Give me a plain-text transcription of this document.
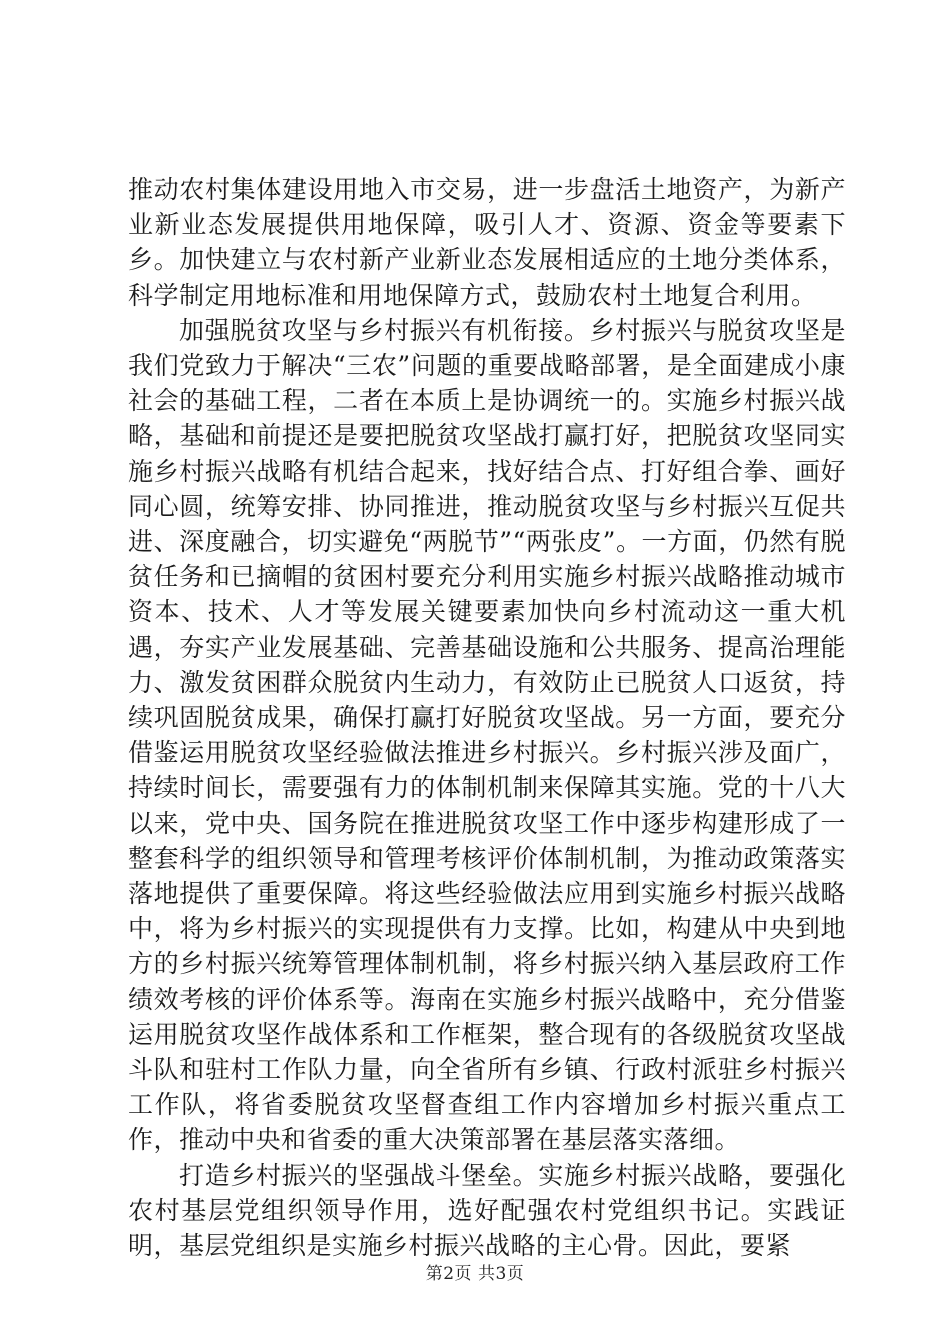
推动农村集体建设用地入市交易，进一步盘活土地资产，为新产业新业态发展提供用地保障，吸引人才、资源、资金等要素下乡。加快建立与农村新产业新业态发展相适应的土地分类体系，科学制定用地标准和用地保障方式，鼓励农村土地复合利用。

加强脱贫攻坚与乡村振兴有机衔接。乡村振兴与脱贫攻坚是我们党致力于解决“三农”问题的重要战略部署，是全面建成小康社会的基础工程，二者在本质上是协调统一的。实施乡村振兴战略，基础和前提还是要把脱贫攻坚战打赢打好，把脱贫攻坚同实施乡村振兴战略有机结合起来，找好结合点、打好组合拳、画好同心圆，统筹安排、协同推进，推动脱贫攻坚与乡村振兴互促共进、深度融合，切实避免“两脱节”“两张皮”。一方面，仍然有脱贫任务和已摘帽的贫困村要充分利用实施乡村振兴战略推动城市资本、技术、人才等发展关键要素加快向乡村流动这一重大机遇，夯实产业发展基础、完善基础设施和公共服务、提高治理能力、激发贫困群众脱贫内生动力，有效防止已脱贫人口返贫，持续巩固脱贫成果，确保打赢打好脱贫攻坚战。另一方面，要充分借鉴运用脱贫攻坚经验做法推进乡村振兴。乡村振兴涉及面广，持续时间长，需要强有力的体制机制来保障其实施。党的十八大以来，党中央、国务院在推进脱贫攻坚工作中逐步构建形成了一整套科学的组织领导和管理考核评价体制机制，为推动政策落实落地提供了重要保障。将这些经验做法应用到实施乡村振兴战略中，将为乡村振兴的实现提供有力支撑。比如，构建从中央到地方的乡村振兴统筹管理体制机制，将乡村振兴纳入基层政府工作绩效考核的评价体系等。海南在实施乡村振兴战略中，充分借鉴运用脱贫攻坚作战体系和工作框架，整合现有的各级脱贫攻坚战斗队和驻村工作队力量，向全省所有乡镇、行政村派驻乡村振兴工作队，将省委脱贫攻坚督查组工作内容增加乡村振兴重点工作，推动中央和省委的重大决策部署在基层落实落细。

打造乡村振兴的坚强战斗堡垒。实施乡村振兴战略，要强化农村基层党组织领导作用，选好配强农村党组织书记。实践证明，基层党组织是实施乡村振兴战略的主心骨。因此，要紧

第2页 共3页
